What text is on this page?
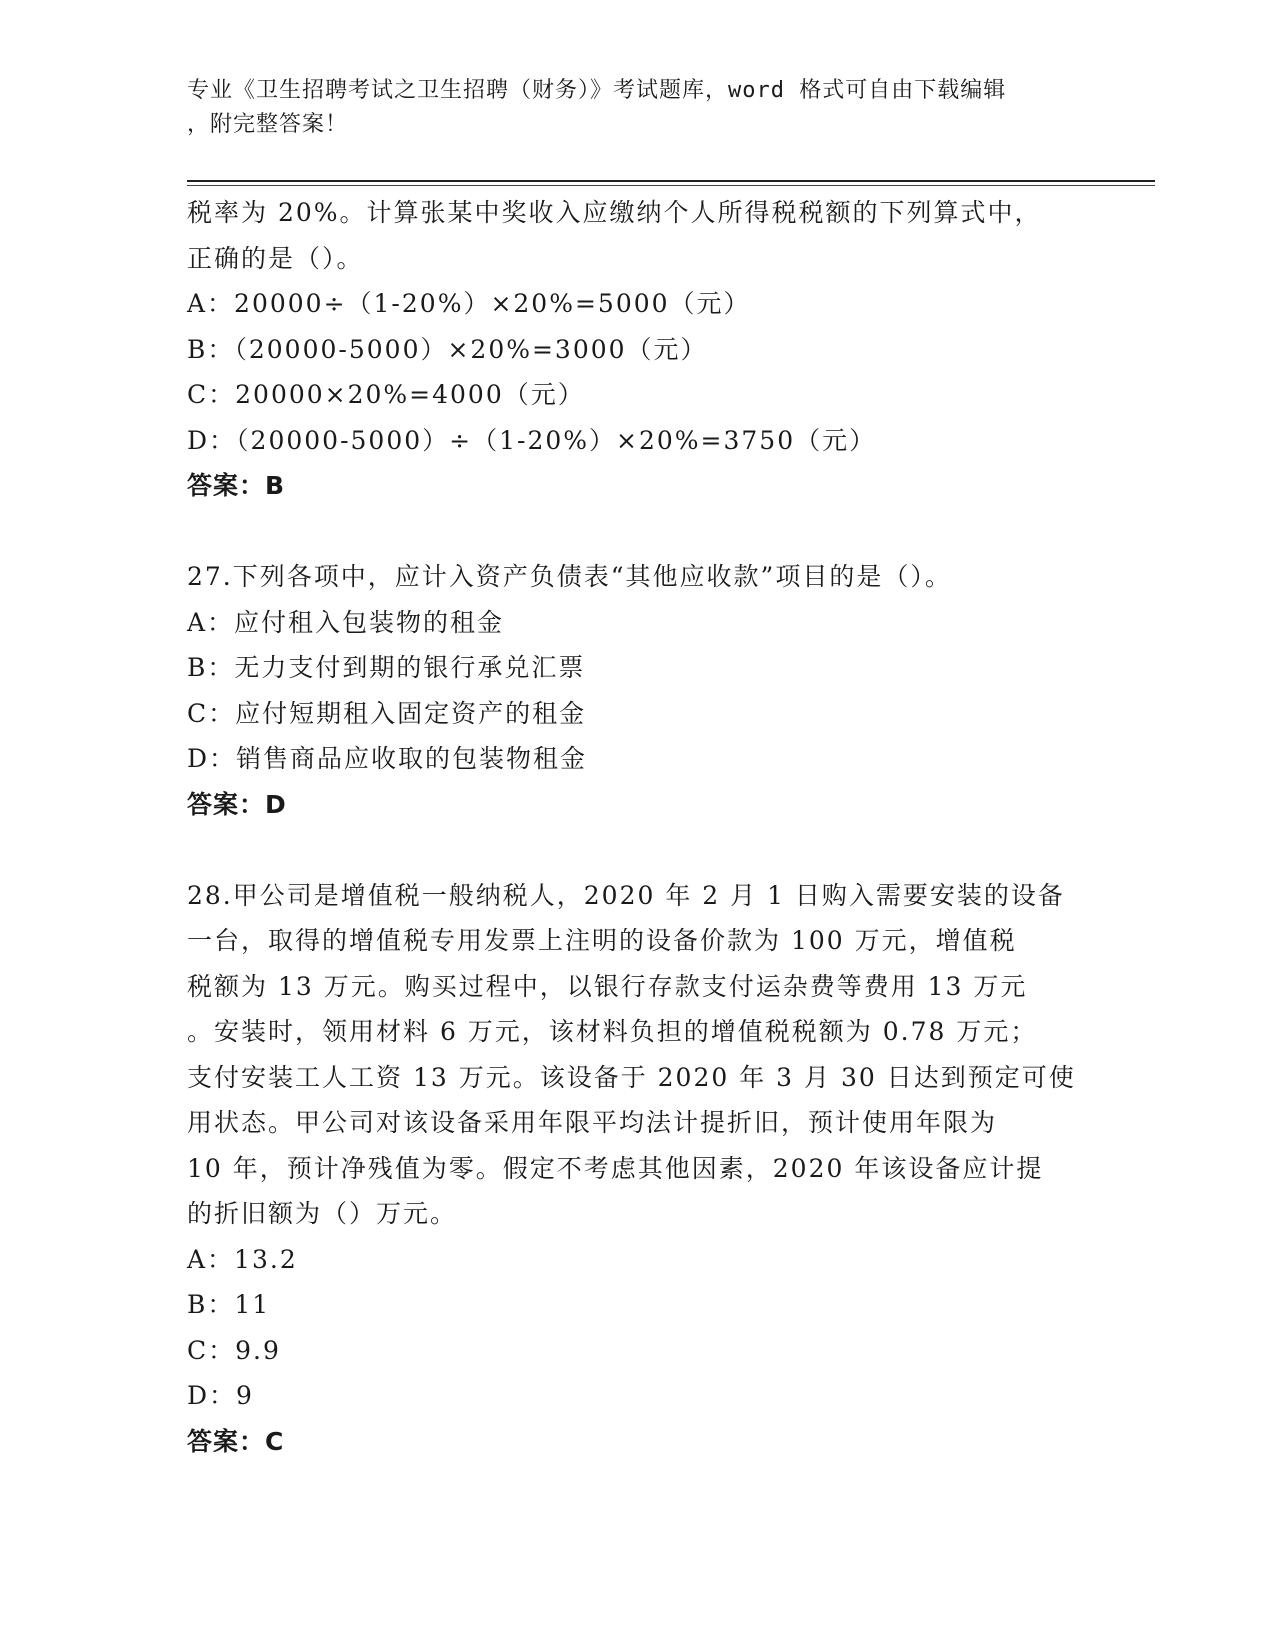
专业《卫生招聘考试之卫生招聘（财务）》考试题库，word 格式可自由下载编辑
，附完整答案！
税率为 20%。计算张某中奖收入应缴纳个人所得税税额的下列算式中，
正确的是（）。
A：20000÷（1-20%）×20%=5000（元）
B：（20000-5000）×20%=3000（元）
C：20000×20%=4000（元）
D：（20000-5000）÷（1-20%）×20%=3750（元）
答案：B
27.下列各项中，应计入资产负债表“其他应收款”项目的是（）。
A：应付租入包装物的租金
B：无力支付到期的银行承兑汇票
C：应付短期租入固定资产的租金
D：销售商品应收取的包装物租金
答案：D
28.甲公司是增值税一般纳税人，2020 年 2 月 1 日购入需要安装的设备
一台，取得的增值税专用发票上注明的设备价款为 100 万元，增值税
税额为 13 万元。购买过程中，以银行存款支付运杂费等费用 13 万元
。安装时，领用材料 6 万元，该材料负担的增值税税额为 0.78 万元；
支付安装工人工资 13 万元。该设备于 2020 年 3 月 30 日达到预定可使
用状态。甲公司对该设备采用年限平均法计提折旧，预计使用年限为
10 年，预计净残值为零。假定不考虑其他因素，2020 年该设备应计提
的折旧额为（）万元。
A：13.2
B：11
C：9.9
D：9
答案：C
